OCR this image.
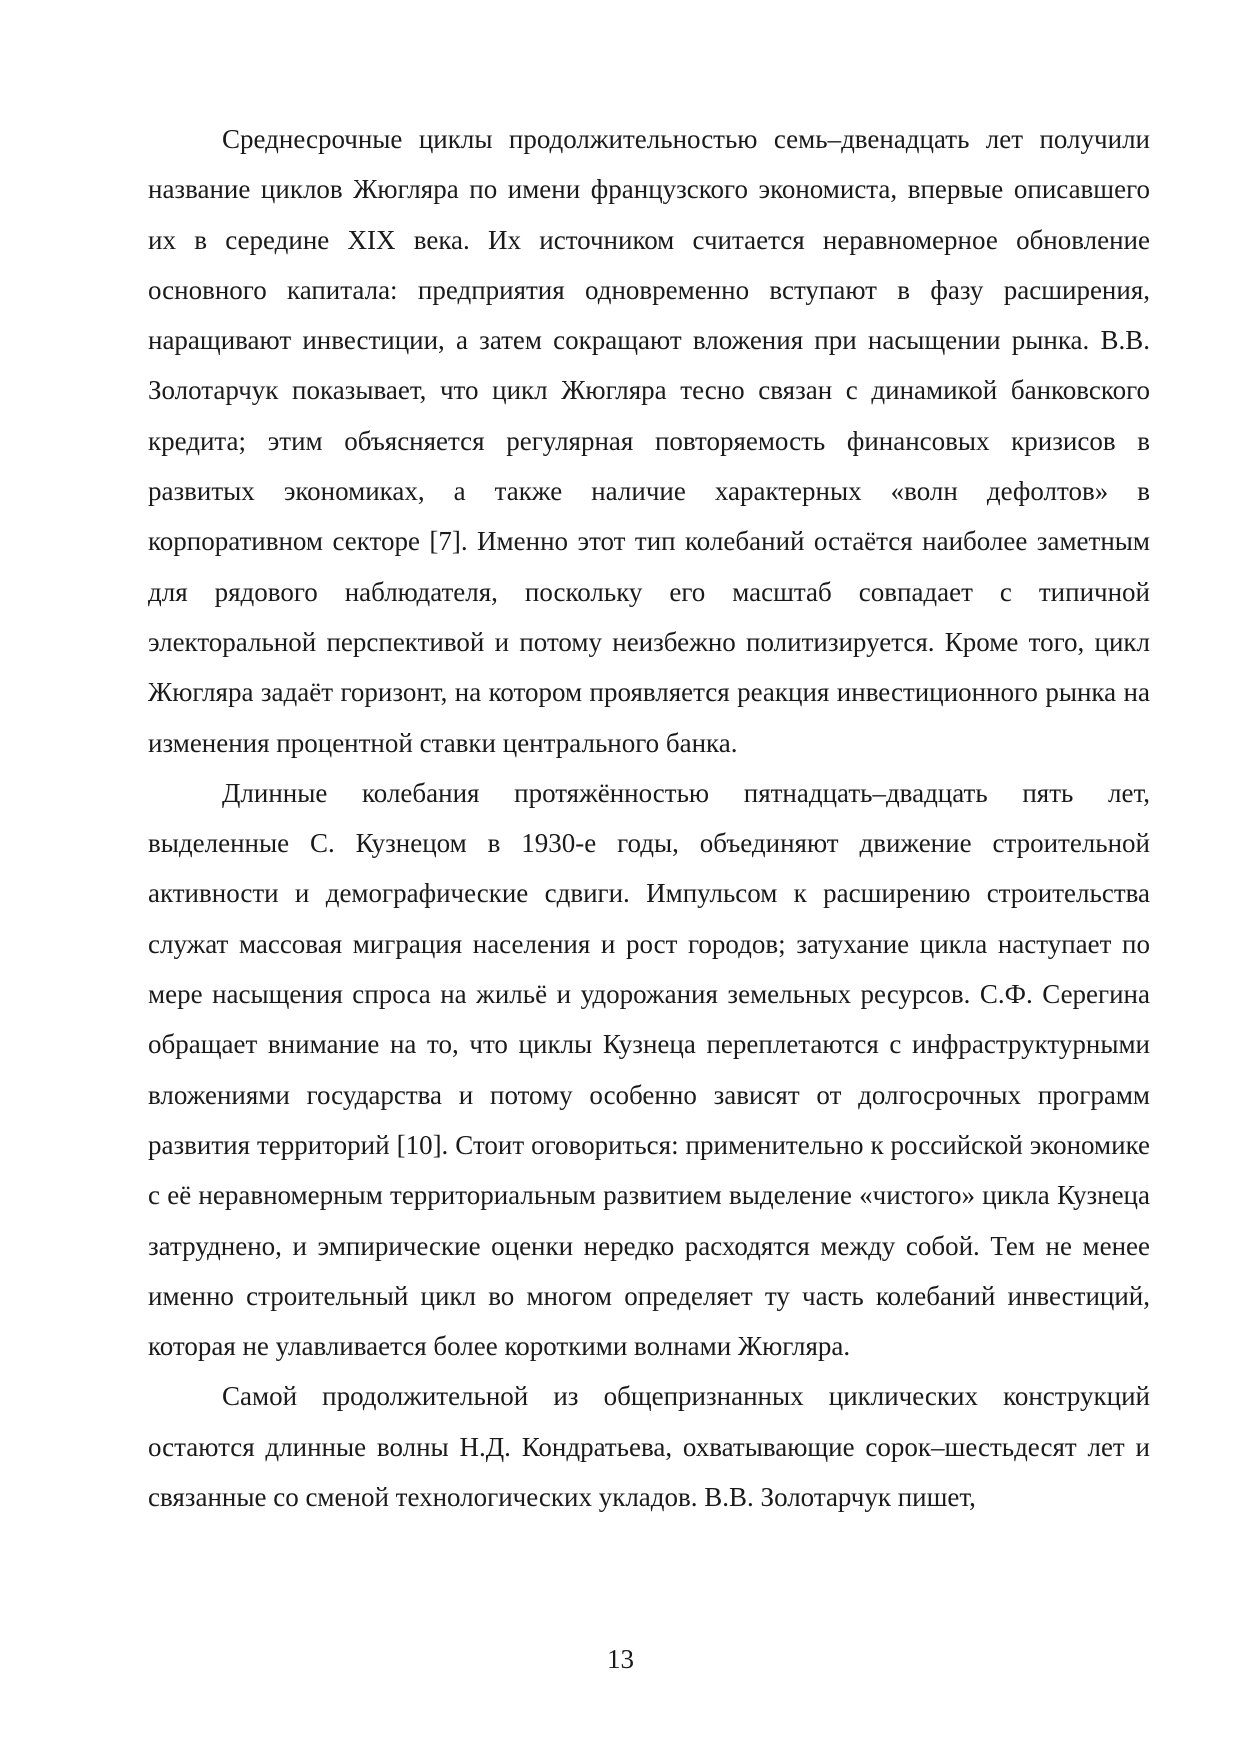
Среднесрочные циклы продолжительностью семь–двенадцать лет получили название циклов Жюгляра по имени французского экономиста, впервые описавшего их в середине XIX века. Их источником считается неравномерное обновление основного капитала: предприятия одновременно вступают в фазу расширения, наращивают инвестиции, а затем сокращают вложения при насыщении рынка. В.В. Золотарчук показывает, что цикл Жюгляра тесно связан с динамикой банковского кредита; этим объясняется регулярная повторяемость финансовых кризисов в развитых экономиках, а также наличие характерных «волн дефолтов» в корпоративном секторе [7]. Именно этот тип колебаний остаётся наиболее заметным для рядового наблюдателя, поскольку его масштаб совпадает с типичной электоральной перспективой и потому неизбежно политизируется. Кроме того, цикл Жюгляра задаёт горизонт, на котором проявляется реакция инвестиционного рынка на изменения процентной ставки центрального банка.

Длинные колебания протяжённостью пятнадцать–двадцать пять лет, выделенные С. Кузнецом в 1930-е годы, объединяют движение строительной активности и демографические сдвиги. Импульсом к расширению строительства служат массовая миграция населения и рост городов; затухание цикла наступает по мере насыщения спроса на жильё и удорожания земельных ресурсов. С.Ф. Серегина обращает внимание на то, что циклы Кузнеца переплетаются с инфраструктурными вложениями государства и потому особенно зависят от долгосрочных программ развития территорий [10]. Стоит оговориться: применительно к российской экономике с её неравномерным территориальным развитием выделение «чистого» цикла Кузнеца затруднено, и эмпирические оценки нередко расходятся между собой. Тем не менее именно строительный цикл во многом определяет ту часть колебаний инвестиций, которая не улавливается более короткими волнами Жюгляра.

Самой продолжительной из общепризнанных циклических конструкций остаются длинные волны Н.Д. Кондратьева, охватывающие сорок–шестьдесят лет и связанные со сменой технологических укладов. В.В. Золотарчук пишет,

13
